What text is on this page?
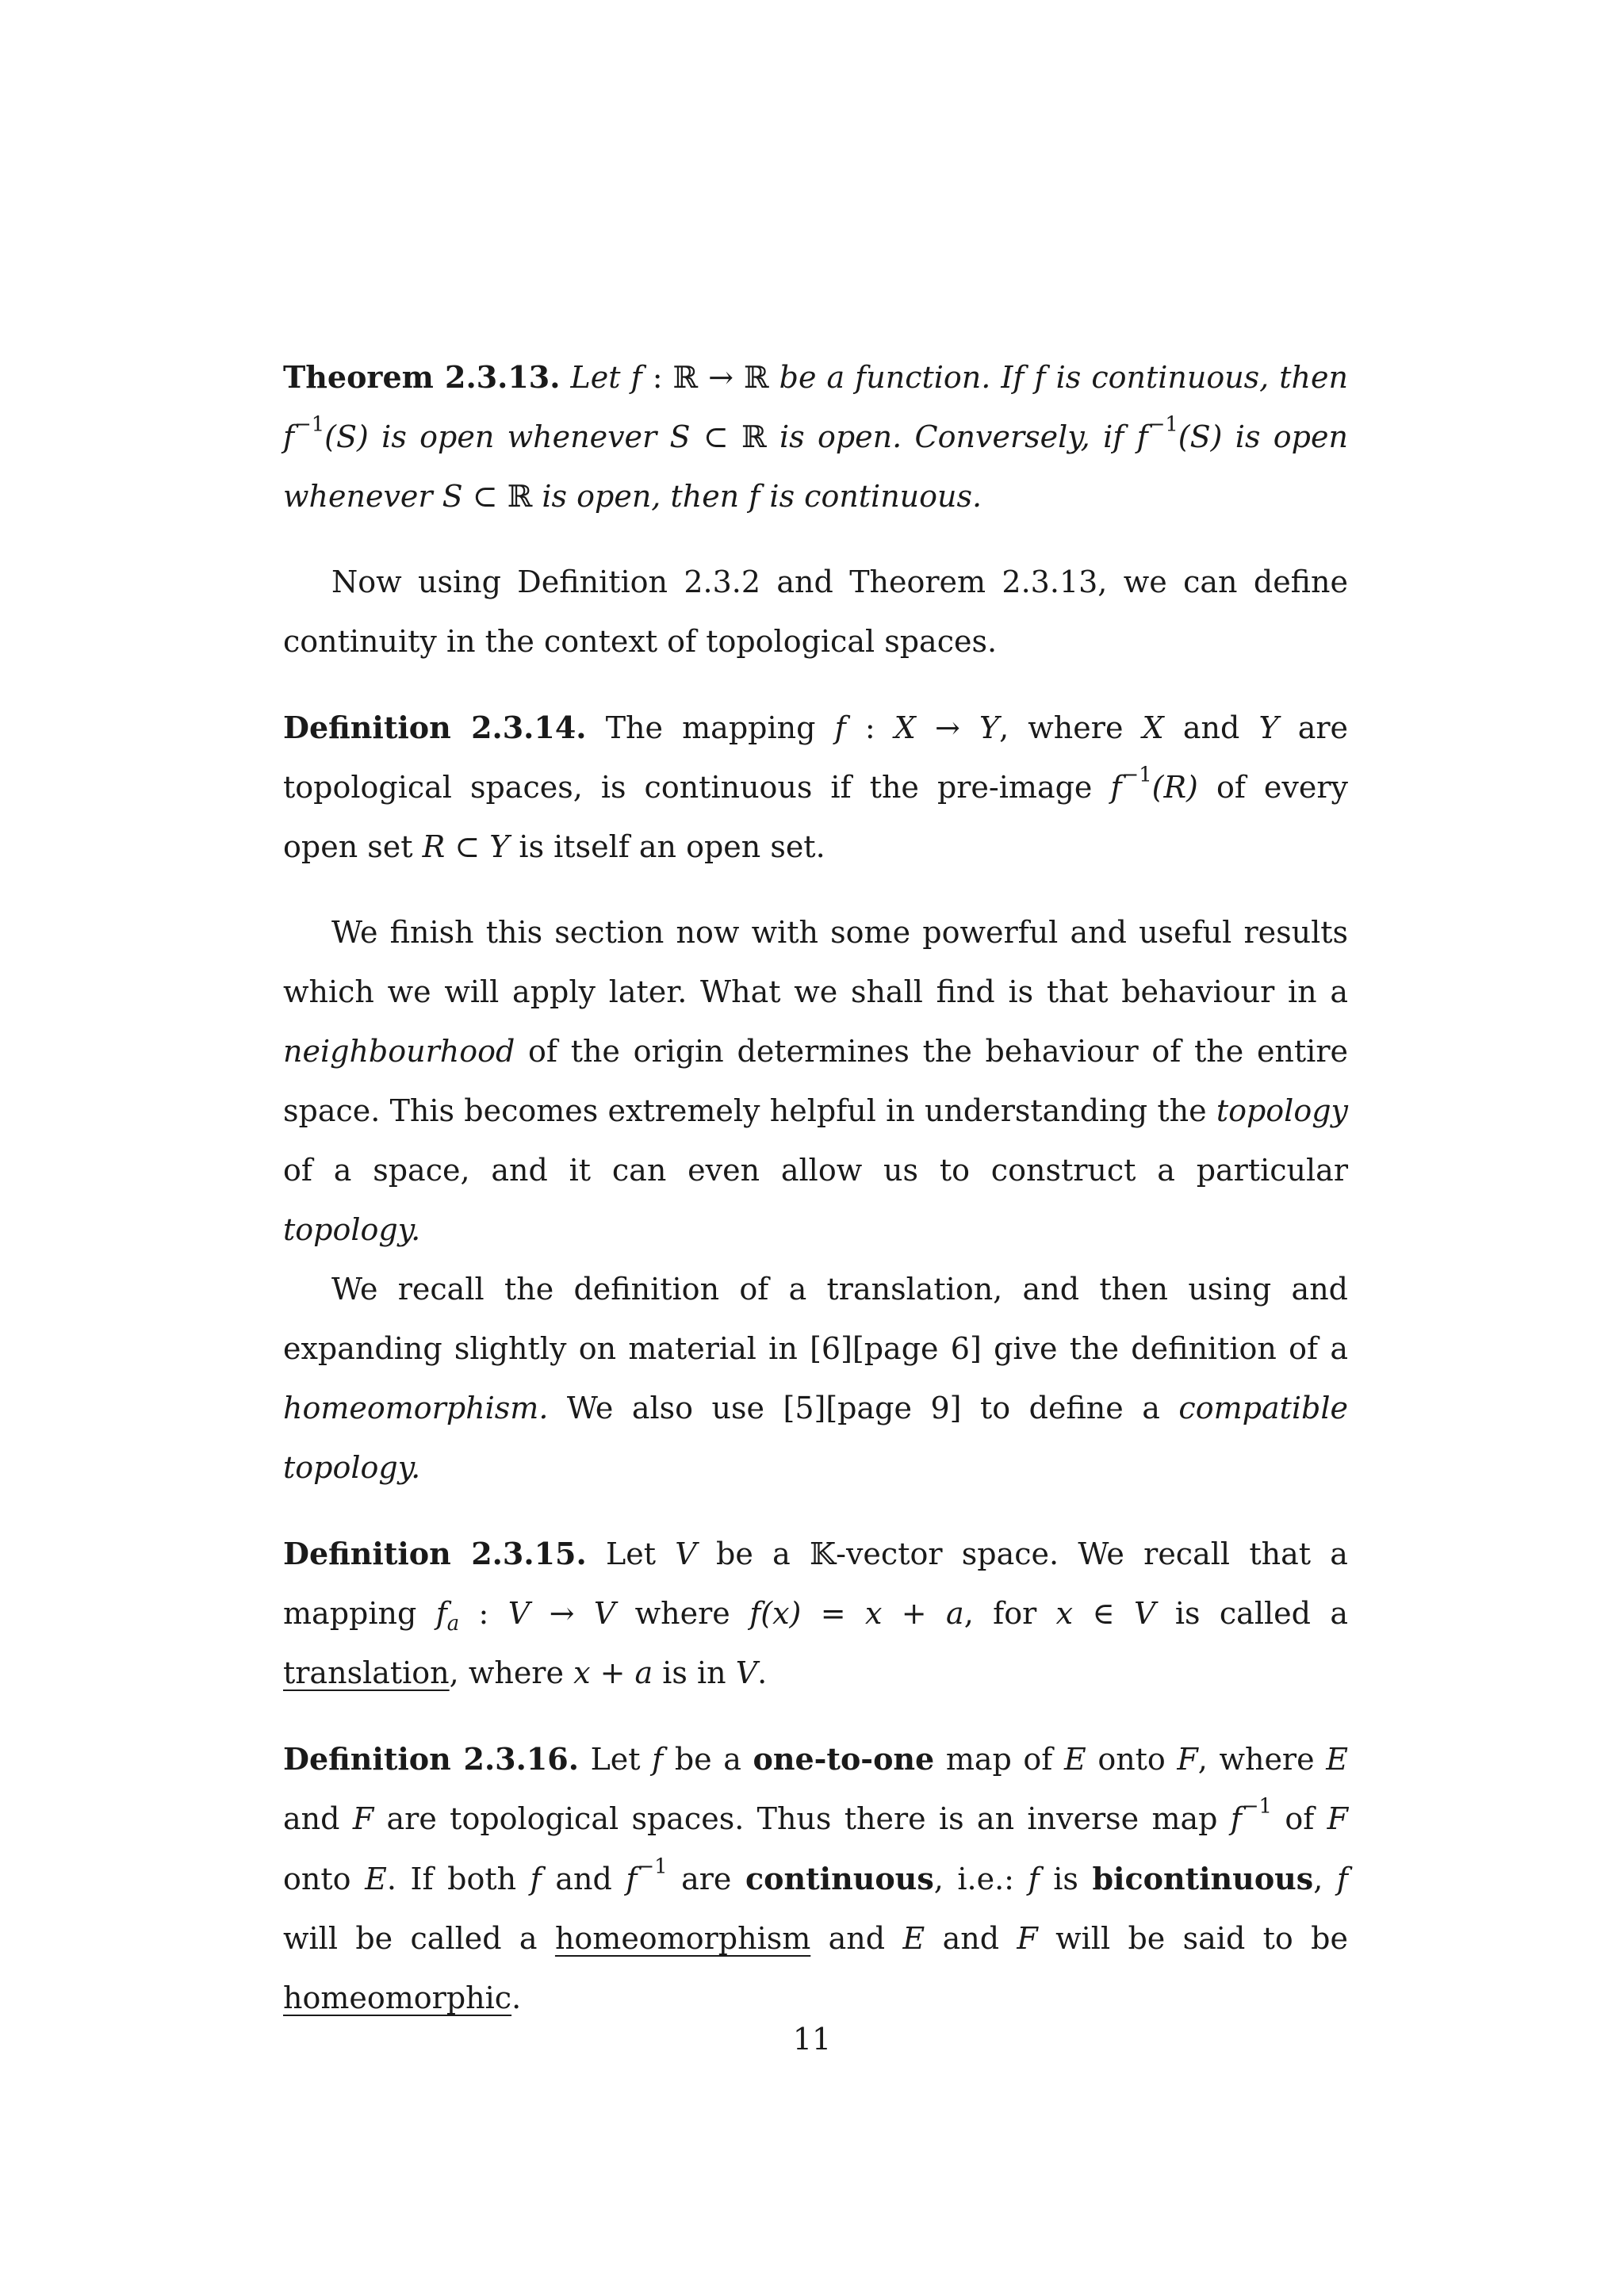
Theorem 2.3.13. Let f : ℝ → ℝ be a function. If f is continuous, then $f^{-1}(S)$ is open whenever S ⊂ ℝ is open. Conversely, if $f^{-1}(S)$ is open whenever S ⊂ ℝ is open, then f is continuous.

Now using Definition 2.3.2 and Theorem 2.3.13, we can define continuity in the context of topological spaces.

Definition 2.3.14. The mapping f : X → Y, where X and Y are topological spaces, is continuous if the pre-image $f^{-1}(R)$ of every open set R ⊂ Y is itself an open set.

We finish this section now with some powerful and useful results which we will apply later. What we shall find is that behaviour in a neighbourhood of the origin determines the behaviour of the entire space. This becomes extremely helpful in understanding the topology of a space, and it can even allow us to construct a particular topology.

We recall the definition of a translation, and then using and expanding slightly on material in [6][page 6] give the definition of a homeomorphism. We also use [5][page 9] to define a compatible topology.

Definition 2.3.15. Let V be a 𝕂-vector space. We recall that a mapping $f_a$ : V → V where f(x) = x + a, for x ∈ V is called a translation, where x + a is in V.

Definition 2.3.16. Let f be a one-to-one map of E onto F, where E and F are topological spaces. Thus there is an inverse map $f^{-1}$ of F onto E. If both f and $f^{-1}$ are continuous, i.e.: f is bicontinuous, f will be called a homeomorphism and E and F will be said to be homeomorphic.

11
